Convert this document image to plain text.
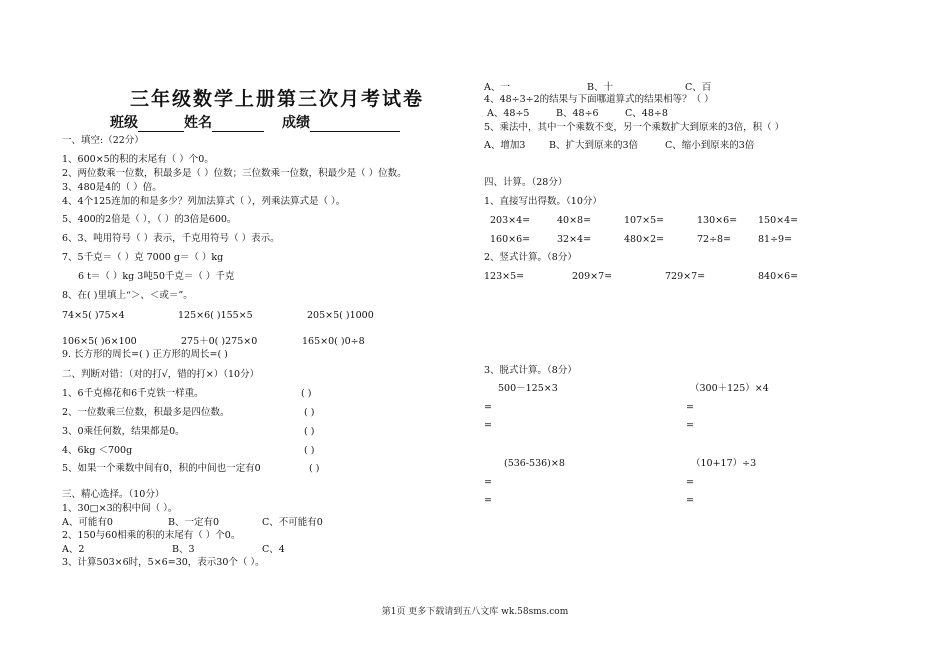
三年级数学上册第三次月考试卷
班级	姓名	成绩
一、填空:（22分）
1、600×5的积的末尾有（ ）个0。
2、两位数乘一位数，积最多是（ ）位数；三位数乘一位数，积最少是（ ）位数。
3、480是4的（ ）倍。
4、4个125连加的和是多少？列加法算式（ ），列乘法算式是（ ）。
5、400的2倍是（ ），（ ）的3倍是600。
6、3、吨用符号（ ）表示，千克用符号（ ）表示。
7、5千克＝（ ）克 7000 g＝（ ）kg
6 t＝（ ）kg 3吨50千克＝（ ）千克
8、在( )里填上“＞、＜或＝”。
74×5( )75×4	125×6( )155×5	205×5( )1000
106×5( )6×100	275＋0( )275×0	165×0( )0÷8
9. 长方形的周长=( ) 正方形的周长=( )
二、判断对错：（对的打√，错的打×）（10分）
1、6千克棉花和6千克铁一样重。	( )
2、一位数乘三位数，积最多是四位数。	( )
3、0乘任何数，结果都是0。	( )
4、6kg ＜700g	( )
5、如果一个乘数中间有0，积的中间也一定有0	( )
三、精心选择。（10分）
1、30□×3的积中间（ ）。
A、可能有0	B、一定有0	C、不可能有0
2、150与60相乘的积的末尾有（ ）个0。
A、2	B、3	C、4
3、计算503×6时，5×6=30，表示30个（ ）。
A、一	B、十	C、百
4、48÷3÷2的结果与下面哪道算式的结果相等？（ ）
A、48÷5	B、48÷6	C、48÷8
5、乘法中，其中一个乘数不变，另一个乘数扩大到原来的3倍，积（ ）
A、增加3 B、扩大到原来的3倍	C、缩小到原来的3倍
四、计算。（28分）
1、直接写出得数。（10分）
203×4=	40×8=	107×5=	130×6= 150×4=
160×6=	32×4=	480×2=	72÷8=	81÷9=
2、竖式计算。（8分）
123×5=	209×7=	729×7=	840×6=
3、脱式计算。（8分）
500－125×3	（300＋125）×4
=	=
=	=
(536-536)×8	（10+17）÷3
=	=
=	=
第1页 更多下载请到五八文库 wk.58sms.com
